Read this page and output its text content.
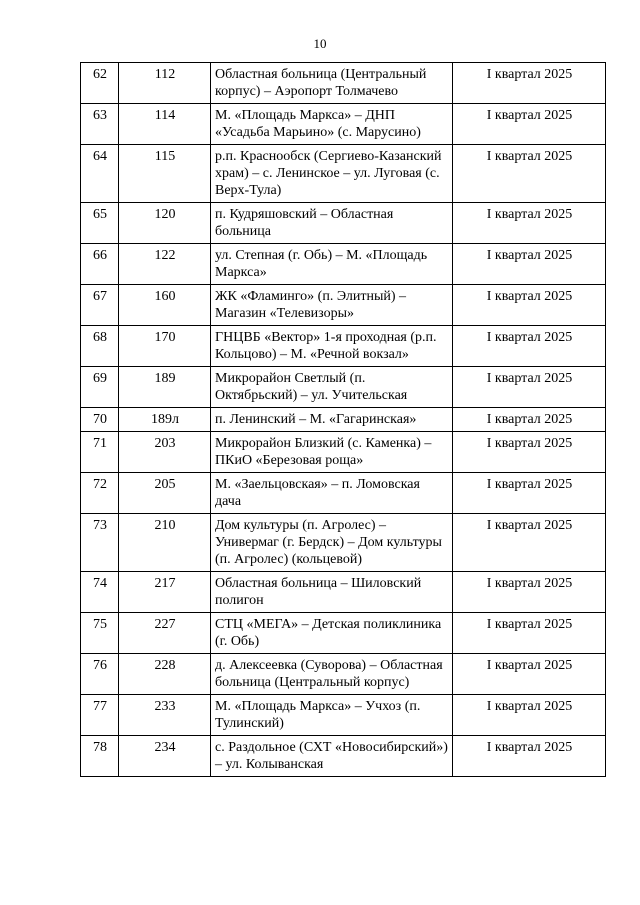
10
62	112	Областная больница (Центральный корпус) – Аэропорт Толмачево	I квартал 2025
63	114	М. «Площадь Маркса» – ДНП «Усадьба Марьино» (с. Марусино)	I квартал 2025
64	115	р.п. Краснообск (Сергиево-Казанский храм) – с. Ленинское – ул. Луговая (с. Верх-Тула)	I квартал 2025
65	120	п. Кудряшовский – Областная больница	I квартал 2025
66	122	ул. Степная (г. Обь) – М. «Площадь Маркса»	I квартал 2025
67	160	ЖК «Фламинго» (п. Элитный) – Магазин «Телевизоры»	I квартал 2025
68	170	ГНЦВБ «Вектор» 1-я проходная (р.п. Кольцово) – М. «Речной вокзал»	I квартал 2025
69	189	Микрорайон Светлый (п. Октябрьский) – ул. Учительская	I квартал 2025
70	189л	п. Ленинский – М. «Гагаринская»	I квартал 2025
71	203	Микрорайон Близкий (с. Каменка) – ПКиО «Березовая роща»	I квартал 2025
72	205	М. «Заельцовская» – п. Ломовская дача	I квартал 2025
73	210	Дом культуры (п. Агролес) – Универмаг (г. Бердск) – Дом культуры (п. Агролес) (кольцевой)	I квартал 2025
74	217	Областная больница – Шиловский полигон	I квартал 2025
75	227	СТЦ «МЕГА» – Детская поликлиника (г. Обь)	I квартал 2025
76	228	д. Алексеевка (Суворова) – Областная больница (Центральный корпус)	I квартал 2025
77	233	М. «Площадь Маркса» – Учхоз (п. Тулинский)	I квартал 2025
78	234	с. Раздольное (СХТ «Новосибирский») – ул. Колыванская	I квартал 2025
